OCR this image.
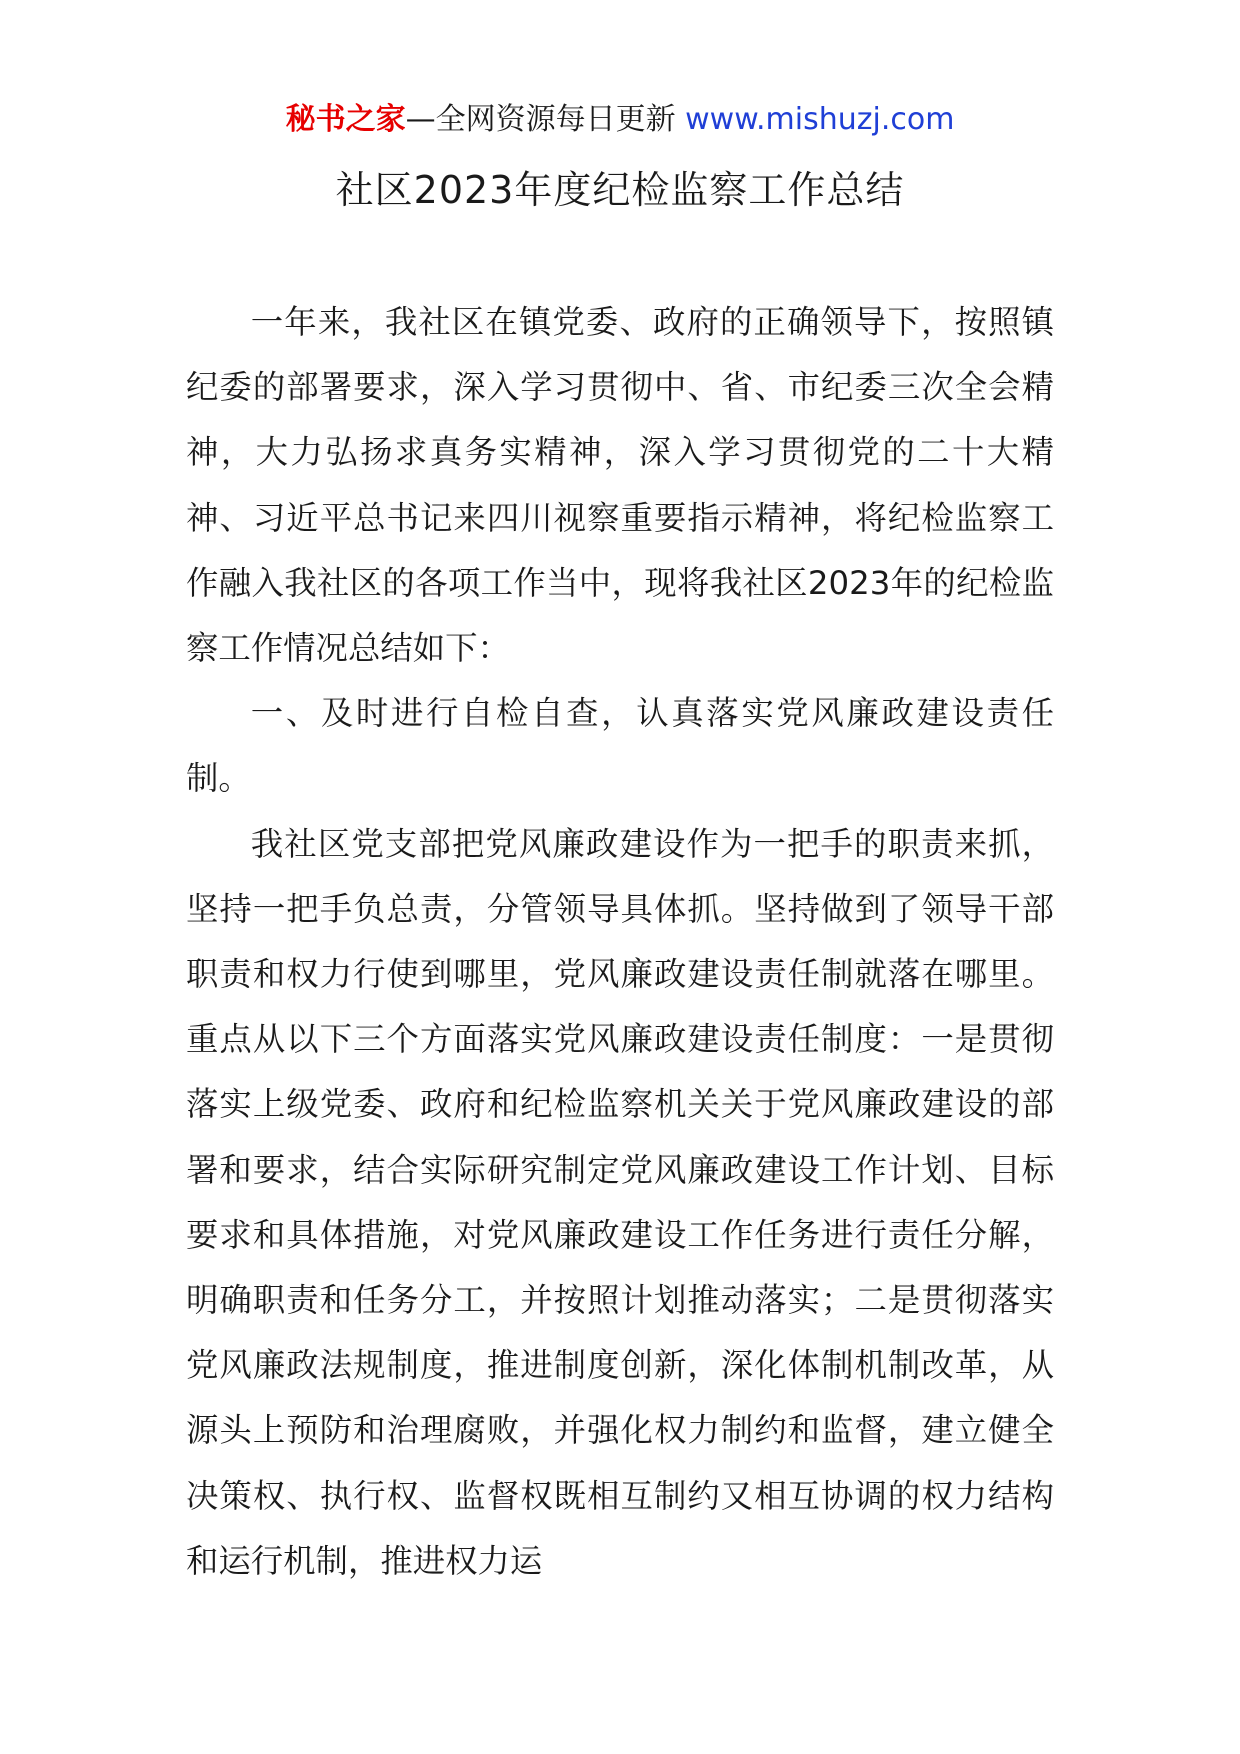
秘书之家—全网资源每日更新 www.mishuzj.com
社区2023年度纪检监察工作总结

一年来，我社区在镇党委、政府的正确领导下，按照镇纪委的部署要求，深入学习贯彻中、省、市纪委三次全会精神，大力弘扬求真务实精神，深入学习贯彻党的二十大精神、习近平总书记来四川视察重要指示精神，将纪检监察工作融入我社区的各项工作当中，现将我社区2023年的纪检监察工作情况总结如下：

一、及时进行自检自查，认真落实党风廉政建设责任制。

我社区党支部把党风廉政建设作为一把手的职责来抓，坚持一把手负总责，分管领导具体抓。坚持做到了领导干部职责和权力行使到哪里，党风廉政建设责任制就落在哪里。重点从以下三个方面落实党风廉政建设责任制度：一是贯彻落实上级党委、政府和纪检监察机关关于党风廉政建设的部署和要求，结合实际研究制定党风廉政建设工作计划、目标要求和具体措施，对党风廉政建设工作任务进行责任分解，明确职责和任务分工，并按照计划推动落实；二是贯彻落实党风廉政法规制度，推进制度创新，深化体制机制改革，从源头上预防和治理腐败，并强化权力制约和监督，建立健全决策权、执行权、监督权既相互制约又相互协调的权力结构和运行机制，推进权力运
